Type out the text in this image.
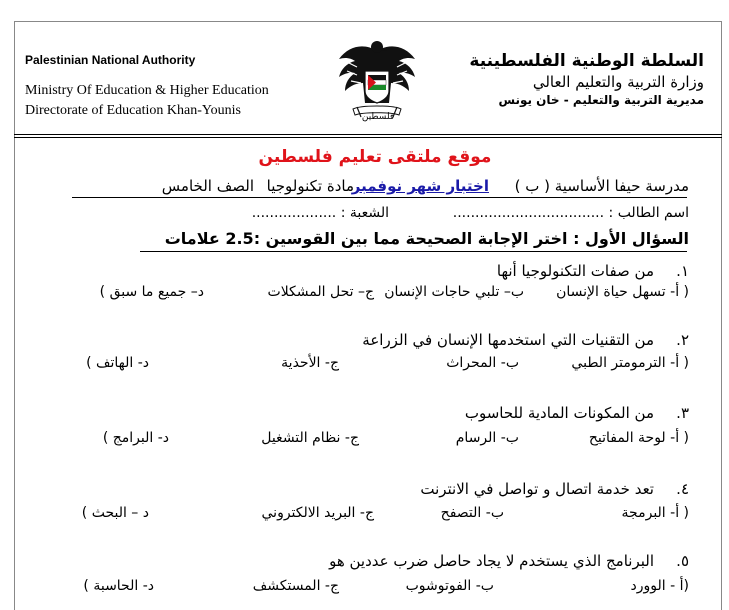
Palestinian National Authority
Ministry Of Education & Higher Education
Directorate of Education Khan-Younis	فلسطين
السلطة الوطنية الفلسطينية
وزارة التربية والتعليم العالي
مديرية التربية والتعليم - خان يونس
موقع ملتقى تعليم فلسطين
مدرسة حيفا الأساسية ( ب )
اختبار شهر نوفمبر
مادة تكنولوجيا
الصف الخامس
اسم الطالب : ..................................
الشعبة : ...................
السؤال الأول : اختر الإجابة الصحيحة مما بين القوسين :2.5 علامات
١.
من صفات التكنولوجيا أنها
( أ- تسهل حياة الإنسان
ب– تلبي حاجات الإنسان
ج– تحل المشكلات
د– جميع ما سبق )
٢.
من التقنيات التي استخدمها الإنسان في الزراعة
( أ- الترمومتر الطبي
ب- المحراث
ج- الأحذية
د- الهاتف )
٣.
من المكونات المادية للحاسوب
( أ- لوحة المفاتيح
ب- الرسام
ج- نظام التشغيل
د- البرامج )
٤.
تعد خدمة اتصال و تواصل في الانترنت
( أ- البرمجة
ب- التصفح
ج- البريد الالكتروني
د – البحث )
٥.
البرنامج الذي يستخدم لا يجاد حاصل ضرب عددين هو
(أ - الوورد
ب- الفوتوشوب
ج- المستكشف
د- الحاسبة )
